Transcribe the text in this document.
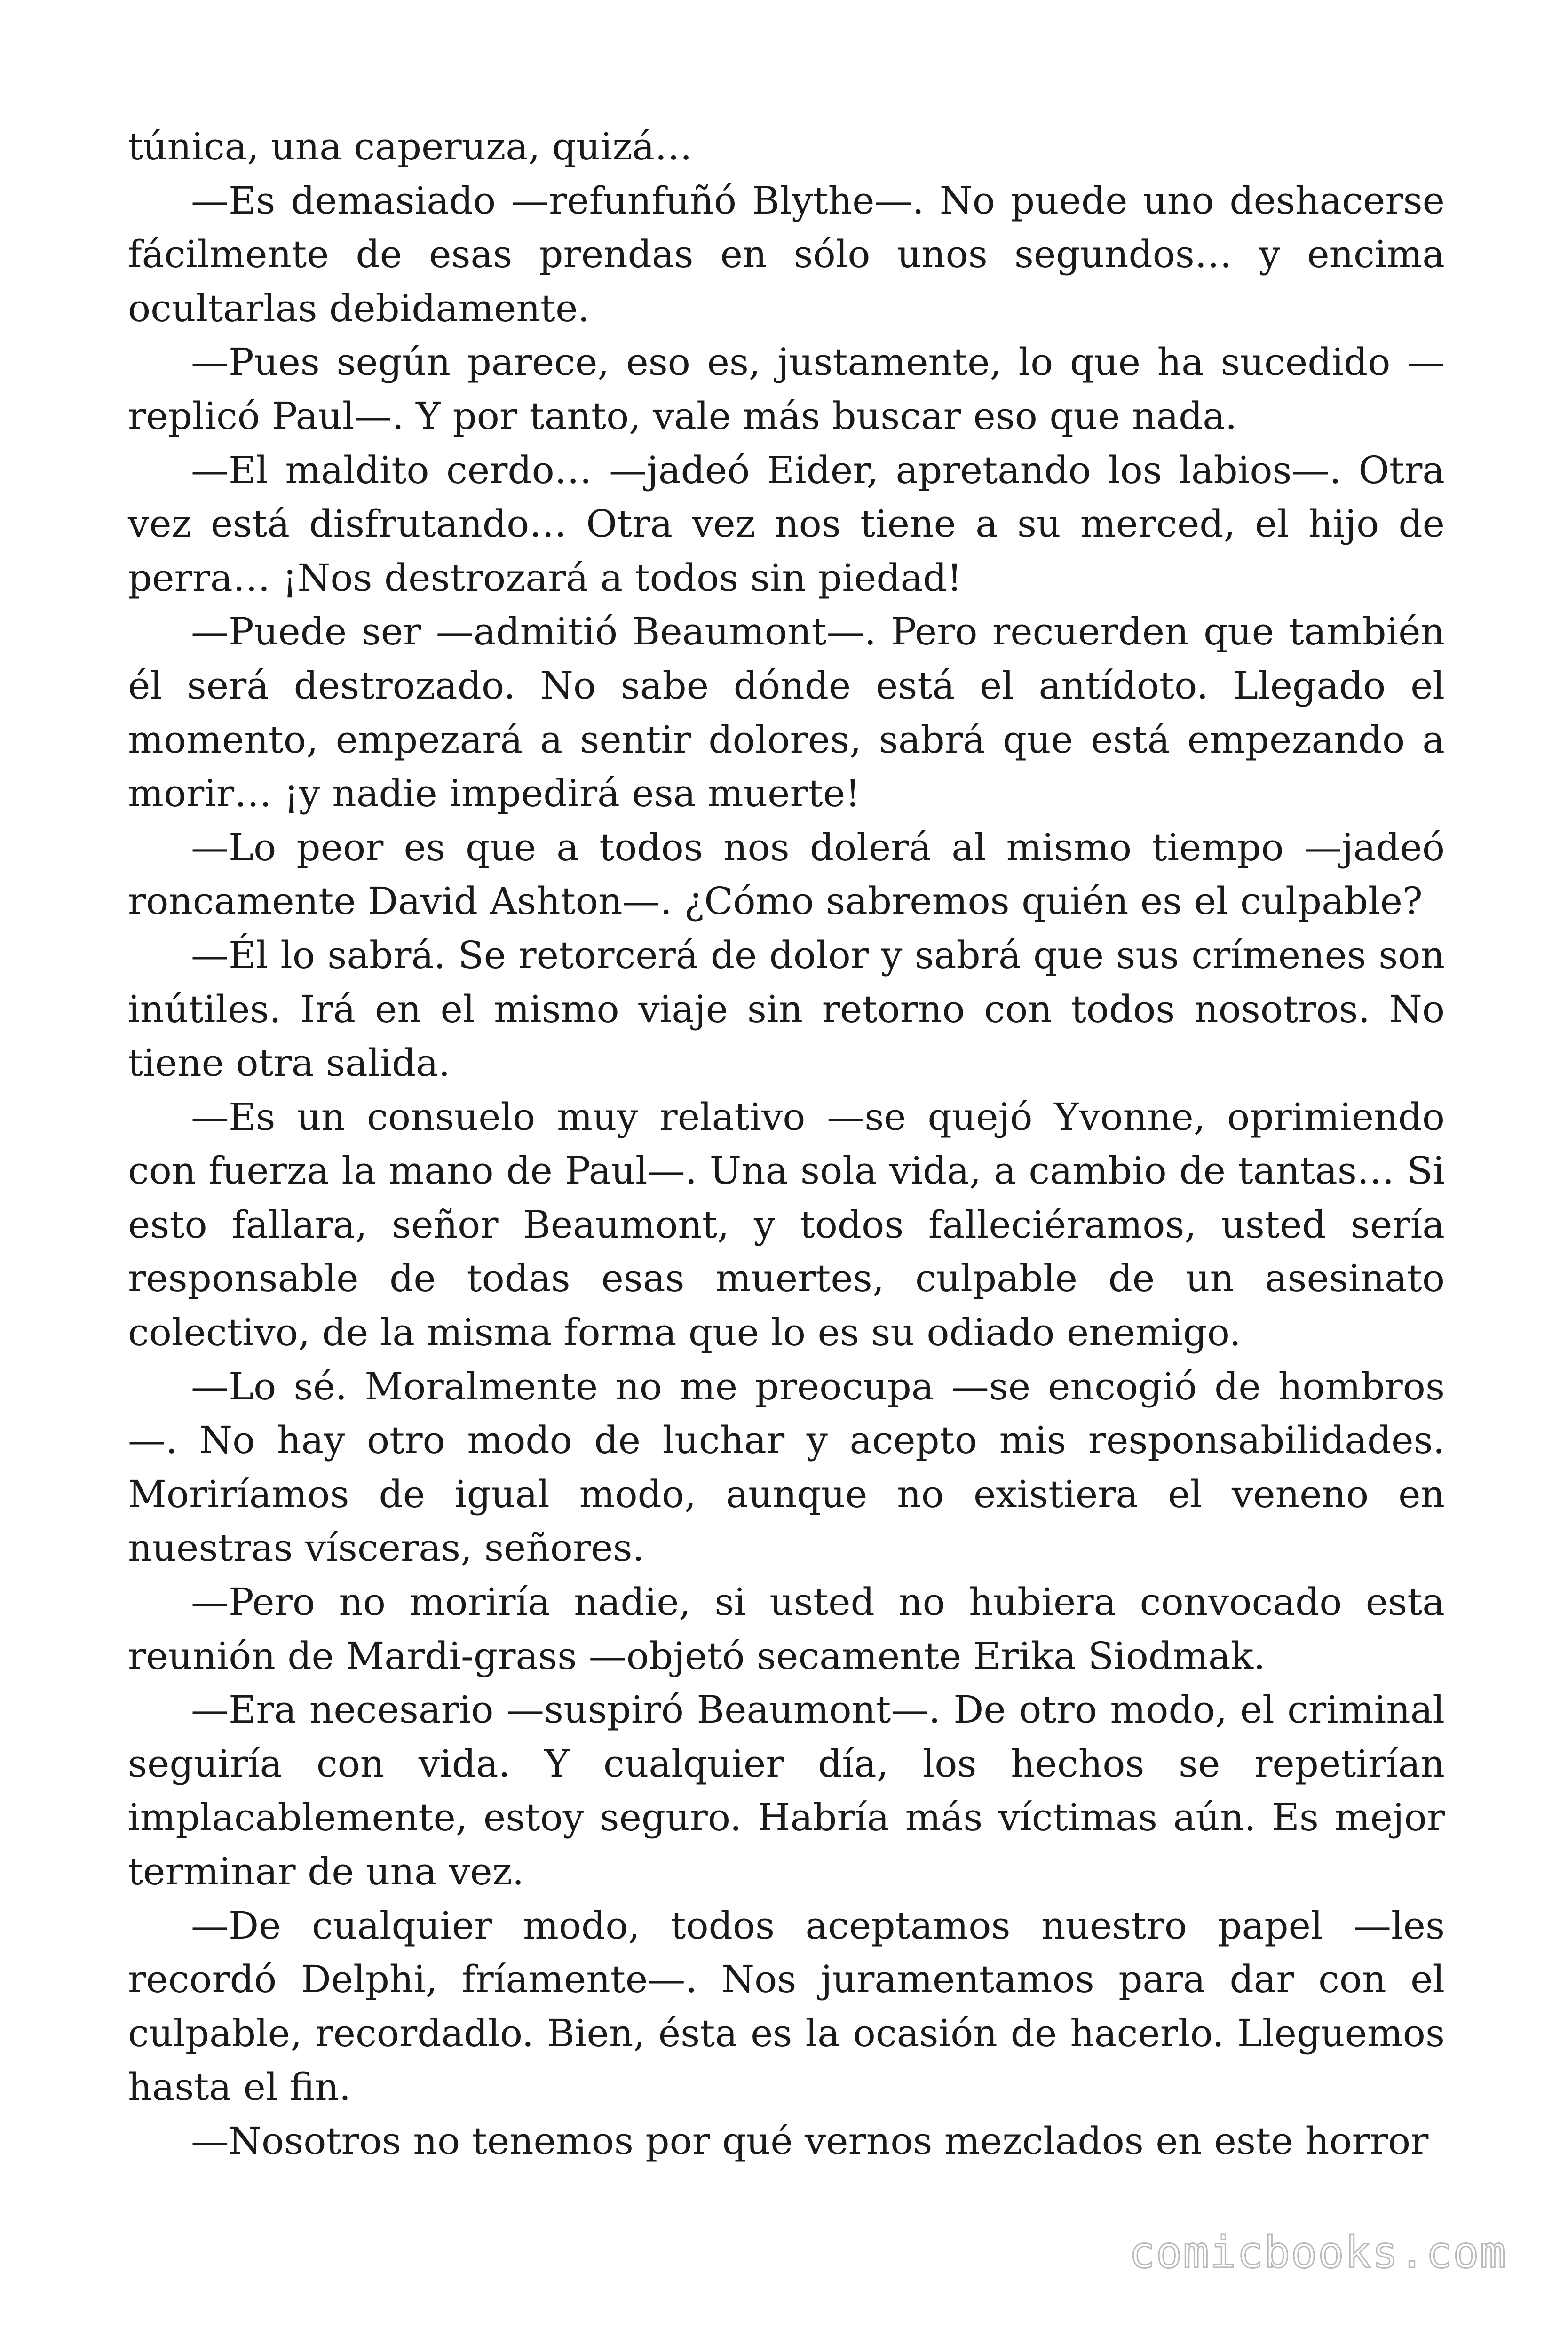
túnica, una caperuza, quizá…

—Es demasiado —refunfuñó Blythe—. No puede uno deshacerse fácilmente de esas prendas en sólo unos segundos… y encima ocultarlas debidamente.

—Pues según parece, eso es, justamente, lo que ha sucedido —replicó Paul—. Y por tanto, vale más buscar eso que nada.

—El maldito cerdo… —jadeó Eider, apretando los labios—. Otra vez está disfrutando… Otra vez nos tiene a su merced, el hijo de perra… ¡Nos destrozará a todos sin piedad!

—Puede ser —admitió Beaumont—. Pero recuerden que también él será destrozado. No sabe dónde está el antídoto. Llegado el momento, empezará a sentir dolores, sabrá que está empezando a morir… ¡y nadie impedirá esa muerte!

—Lo peor es que a todos nos dolerá al mismo tiempo —jadeó roncamente David Ashton—. ¿Cómo sabremos quién es el culpable?

—Él lo sabrá. Se retorcerá de dolor y sabrá que sus crímenes son inútiles. Irá en el mismo viaje sin retorno con todos nosotros. No tiene otra salida.

—Es un consuelo muy relativo —se quejó Yvonne, oprimiendo con fuerza la mano de Paul—. Una sola vida, a cambio de tantas… Si esto fallara, señor Beaumont, y todos falleciéramos, usted sería responsable de todas esas muertes, culpable de un asesinato colectivo, de la misma forma que lo es su odiado enemigo.

—Lo sé. Moralmente no me preocupa —se encogió de hombros —. No hay otro modo de luchar y acepto mis responsabilidades. Moriríamos de igual modo, aunque no existiera el veneno en nuestras vísceras, señores.

—Pero no moriría nadie, si usted no hubiera convocado esta reunión de Mardi-grass —objetó secamente Erika Siodmak.

—Era necesario —suspiró Beaumont—. De otro modo, el criminal seguiría con vida. Y cualquier día, los hechos se repetirían implacablemente, estoy seguro. Habría más víctimas aún. Es mejor terminar de una vez.

—De cualquier modo, todos aceptamos nuestro papel —les recordó Delphi, fríamente—. Nos juramentamos para dar con el culpable, recordadlo. Bien, ésta es la ocasión de hacerlo. Lleguemos hasta el fin.

—Nosotros no tenemos por qué vernos mezclados en este horror

comicbooks.com
